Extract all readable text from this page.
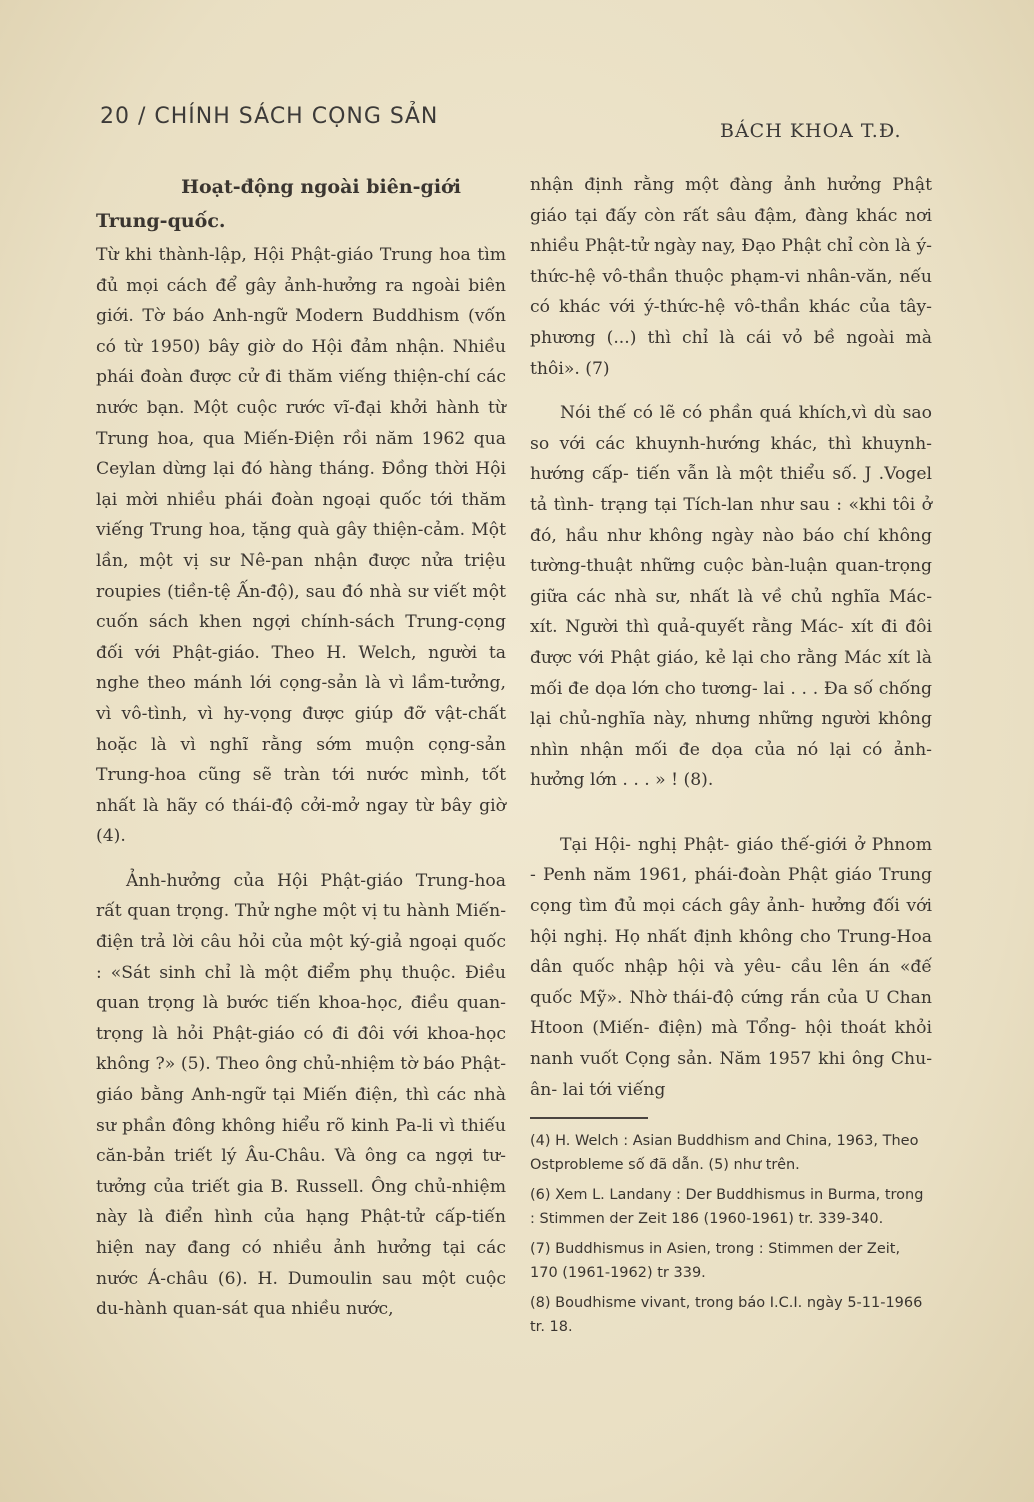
20 / CHÍNH SÁCH CỌNG SẢN
BÁCH KHOA T.Đ.
Hoạt-động ngoài biên-giới
Trung-quốc.

Từ khi thành-lập, Hội Phật-giáo Trung hoa tìm đủ mọi cách để gây ảnh-hưởng ra ngoài biên giới. Tờ báo Anh-ngữ Modern Buddhism (vốn có từ 1950) bây giờ do Hội đảm nhận. Nhiều phái đoàn được cử đi thăm viếng thiện-chí các nước bạn. Một cuộc rước vĩ-đại khởi hành từ Trung hoa, qua Miến-Điện rồi năm 1962 qua Ceylan dừng lại đó hàng tháng. Đồng thời Hội lại mời nhiều phái đoàn ngoại quốc tới thăm viếng Trung hoa, tặng quà gây thiện-cảm. Một lần, một vị sư Nê-pan nhận được nửa triệu roupies (tiền-tệ Ấn-độ), sau đó nhà sư viết một cuốn sách khen ngợi chính-sách Trung-cọng đối với Phật-giáo. Theo H. Welch, người ta nghe theo mánh lới cọng-sản là vì lầm-tưởng, vì vô-tình, vì hy-vọng được giúp đỡ vật-chất hoặc là vì nghĩ rằng sớm muộn cọng-sản Trung-hoa cũng sẽ tràn tới nước mình, tốt nhất là hãy có thái-độ cởi-mở ngay từ bây giờ (4).

Ảnh-hưởng của Hội Phật-giáo Trung-hoa rất quan trọng. Thử nghe một vị tu hành Miến-điện trả lời câu hỏi của một ký-giả ngoại quốc : «Sát sinh chỉ là một điểm phụ thuộc. Điều quan trọng là bước tiến khoa-học, điều quan-trọng là hỏi Phật-giáo có đi đôi với khoa-học không ?» (5). Theo ông chủ-nhiệm tờ báo Phật-giáo bằng Anh-ngữ tại Miến điện, thì các nhà sư phần đông không hiểu rõ kinh Pa-li vì thiếu căn-bản triết lý Âu-Châu. Và ông ca ngợi tư-tưởng của triết gia B. Russell. Ông chủ-nhiệm này là điển hình của hạng Phật-tử cấp-tiến hiện nay đang có nhiều ảnh hưởng tại các nước Á-châu (6). H. Dumoulin sau một cuộc du-hành quan-sát qua nhiều nước,

nhận định rằng một đàng ảnh hưởng Phật giáo tại đấy còn rất sâu đậm, đàng khác nơi nhiều Phật-tử ngày nay, Đạo Phật chỉ còn là ý-thức-hệ vô-thần thuộc phạm-vi nhân-văn, nếu có khác với ý-thức-hệ vô-thần khác của tây-phương (...) thì chỉ là cái vỏ bề ngoài mà thôi». (7)

Nói thế có lẽ có phần quá khích,vì dù sao so với các khuynh-hướng khác, thì khuynh-hướng cấp- tiến vẫn là một thiểu số. J .Vogel tả tình- trạng tại Tích-lan như sau : «khi tôi ở đó, hầu như không ngày nào báo chí không tường-thuật những cuộc bàn-luận quan-trọng giữa các nhà sư, nhất là về chủ nghĩa Mác- xít. Người thì quả-quyết rằng Mác- xít đi đôi được với Phật giáo, kẻ lại cho rằng Mác xít là mối đe dọa lớn cho tương- lai . . . Đa số chống lại chủ-nghĩa này, nhưng những người không nhìn nhận mối đe dọa của nó lại có ảnh-hưởng lớn . . . » ! (8).

Tại Hội- nghị Phật- giáo thế-giới ở Phnom - Penh năm 1961, phái-đoàn Phật giáo Trung cọng tìm đủ mọi cách gây ảnh- hưởng đối với hội nghị. Họ nhất định không cho Trung-Hoa dân quốc nhập hội và yêu- cầu lên án «đế quốc Mỹ». Nhờ thái-độ cứng rắn của U Chan Htoon (Miến- điện) mà Tổng- hội thoát khỏi nanh vuốt Cọng sản. Năm 1957 khi ông Chu- ân- lai tới viếng

(4) H. Welch : Asian Buddhism and China, 1963, Theo Ostprobleme số đã dẫn. (5) như trên.

(6) Xem L. Landany : Der Buddhismus in Burma, trong : Stimmen der Zeit 186 (1960-1961) tr. 339-340.

(7) Buddhismus in Asien, trong : Stimmen der Zeit, 170 (1961-1962) tr 339.

(8) Boudhisme vivant, trong báo I.C.I. ngày 5-11-1966 tr. 18.
